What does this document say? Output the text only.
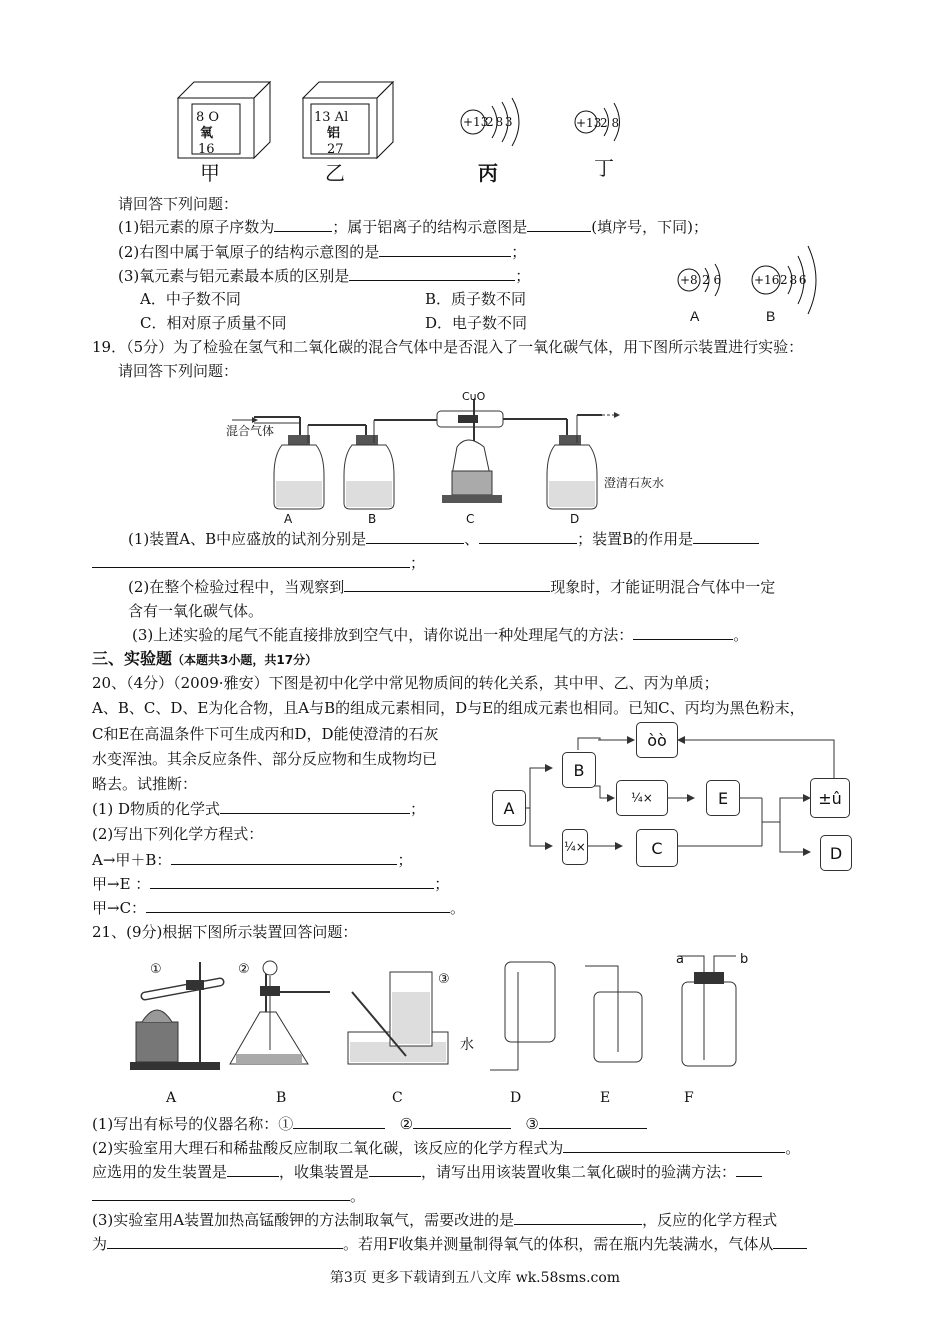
8 O
氧
16
甲
13 Al
铝
27
乙
+13
2 8 3
丙
+13
2 8
丁
+8 2 6
A
+16 2 8 6
B
请回答下列问题：
(1)铝元素的原子序数为	；属于铝离子的结构示意图是	(填序号，下同)；
(2)右图中属于氧原子的结构示意图的是	；
(3)氧元素与铝元素最本质的区别是	；
A．中子数不同	B．质子数不同
C．相对原子质量不同	D．电子数不同
19．（5分）为了检验在氢气和二氧化碳的混合气体中是否混入了一氧化碳气体，用下图所示装置进行实验：
请回答下列问题：
混合气体
CuO
澄清石灰水
A	B	C	D
(1)装置A、B中应盛放的试剂分别是	、	；装置B的作用是
；
(2)在整个检验过程中，当观察到	现象时，才能证明混合气体中一定
含有一氧化碳气体。
(3)上述实验的尾气不能直接排放到空气中，请你说出一种处理尾气的方法：	。
三、实验题（本题共3小题，共17分）
20、（4分）（2009·雅安）下图是初中化学中常见物质间的转化关系，其中甲、乙、丙为单质；
A、B、C、D、E为化合物，且A与B的组成元素相同，D与E的组成元素也相同。已知C、丙均为黑色粉末，
C和E在高温条件下可生成丙和D，D能使澄清的石灰
水变浑浊。其余反应条件、部分反应物和生成物均已
略去。试推断：
(1) D物质的化学式	；
(2)写出下列化学方程式：
A→甲＋B：	；
甲→E ：	；
甲→C：	。
A
B
òò
¼×	E	±û
¼×	C	D
21、(9分)根据下图所示装置回答问题：
①	②
③
水
a	b
A	B	C	D	E	F
(1)写出有标号的仪器名称：①	②	③
(2)实验室用大理石和稀盐酸反应制取二氧化碳，该反应的化学方程式为	。
应选用的发生装置是	，收集装置是	，请写出用该装置收集二氧化碳时的验满方法：
。
(3)实验室用A装置加热高锰酸钾的方法制取氧气，需要改进的是	，反应的化学方程式
为	。若用F收集并测量制得氧气的体积，需在瓶内先装满水，气体从
第3页 更多下载请到五八文库 wk.58sms.com
